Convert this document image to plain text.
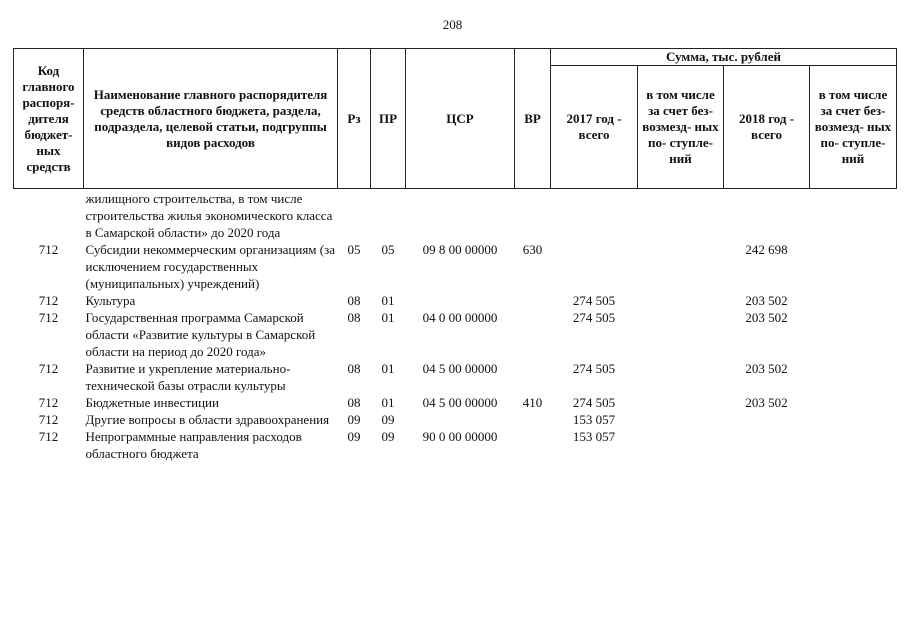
208
Код главного распоря- дителя бюджет- ных средств	Наименование главного распорядителя средств областного бюджета, раздела, подраздела, целевой статьи, подгруппы видов расходов	Рз	ПР	ЦСР	ВР	Сумма, тыс. рублей			
						2017 год - всего	в том числе за счет без- возмезд- ных по- ступле- ний	2018 год - всего	в том числе за счет без- возмезд- ных по- ступле- ний
	жилищного строительства, в том числе строительства жилья экономического класса в Самарской области» до 2020 года								
712	Субсидии некоммерческим организациям (за исключением государственных (муниципальных) учреждений)	05	05	09 8 00 00000	630			242 698	
712	Культура	08	01			274 505		203 502	
712	Государственная программа Самарской области «Развитие культуры в Самарской области на период до 2020 года»	08	01	04 0 00 00000		274 505		203 502	
712	Развитие и укрепление материально-технической базы отрасли культуры	08	01	04 5 00 00000		274 505		203 502	
712	Бюджетные инвестиции	08	01	04 5 00 00000	410	274 505		203 502	
712	Другие вопросы в области здравоохранения	09	09			153 057			
712	Непрограммные направления расходов областного бюджета	09	09	90 0 00 00000		153 057			
